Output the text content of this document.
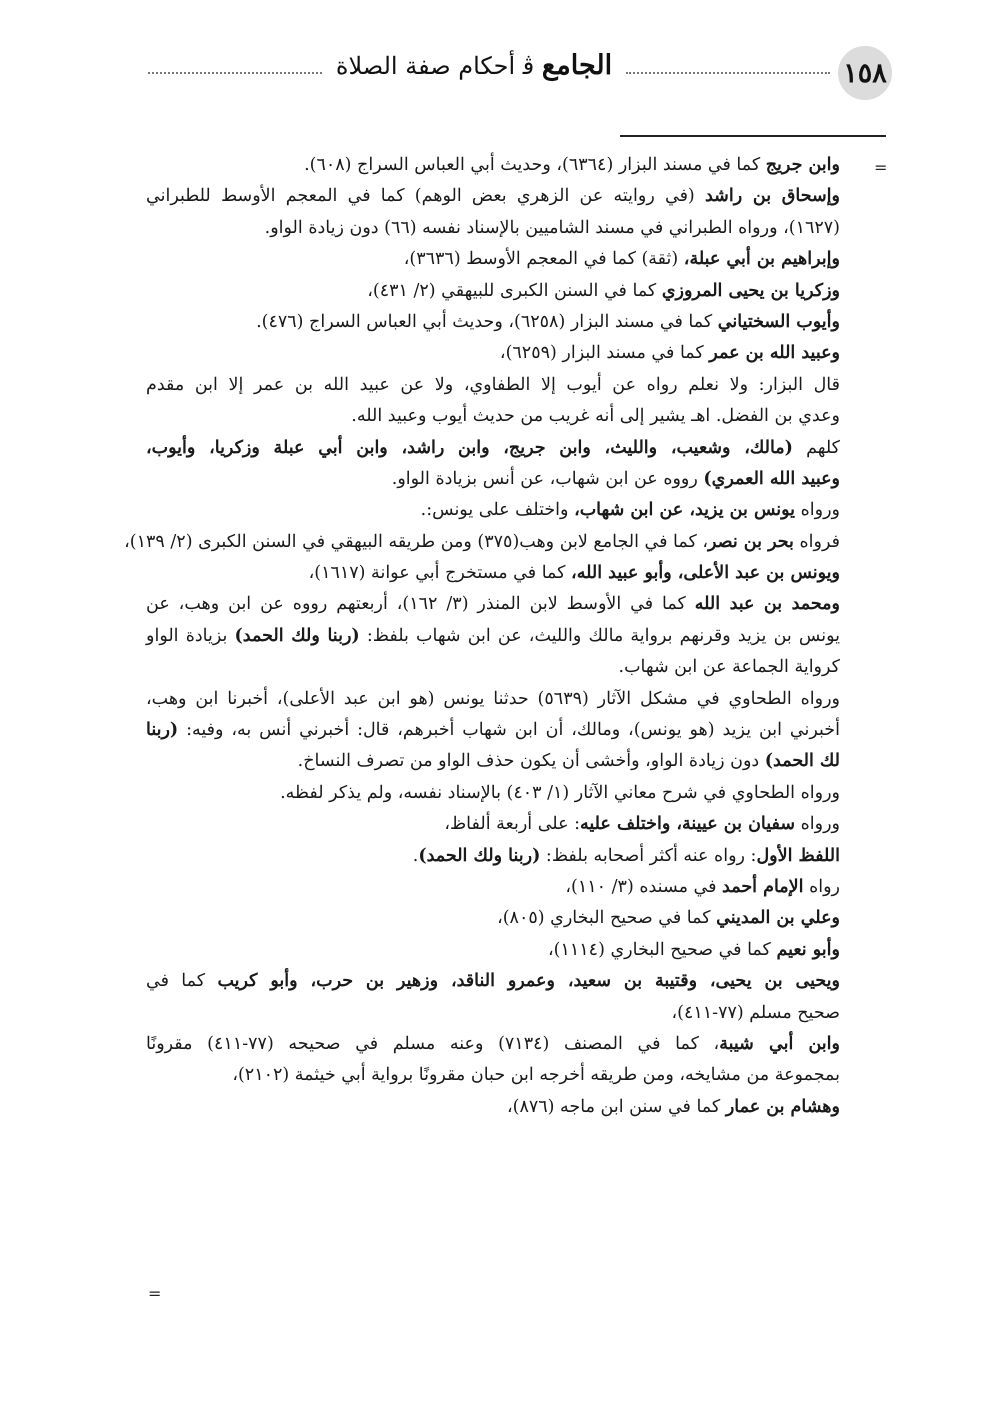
١٥٨
الجامع ﭬ أحكام صفة الصلاة
=
=
وابن جريج كما في مسند البزار (٦٣٦٤)، وحديث أبي العباس السراج (٦٠٨).
وإسحاق بن راشد (في روايته عن الزهري بعض الوهم) كما في المعجم الأوسط للطبراني
(١٦٢٧)، ورواه الطبراني في مسند الشاميين بالإسناد نفسه (٦٦) دون زيادة الواو.
وإبراهيم بن أبي عبلة، (ثقة) كما في المعجم الأوسط (٣٦٣٦)،
وزكريا بن يحيى المروزي كما في السنن الكبرى للبيهقي (٢/ ٤٣١)،
وأيوب السختياني كما في مسند البزار (٦٢٥٨)، وحديث أبي العباس السراج (٤٧٦).
وعبيد الله بن عمر كما في مسند البزار (٦٢٥٩)،
قال البزار: ولا نعلم رواه عن أيوب إلا الطفاوي، ولا عن عبيد الله بن عمر إلا ابن مقدم
وعدي بن الفضل. اهـ يشير إلى أنه غريب من حديث أيوب وعبيد الله.
كلهم (مالك، وشعيب، والليث، وابن جريج، وابن راشد، وابن أبي عبلة وزكريا، وأيوب،
وعبيد الله العمري) رووه عن ابن شهاب، عن أنس بزيادة الواو.
ورواه يونس بن يزيد، عن ابن شهاب، واختلف على يونس:.
فرواه بحر بن نصر، كما في الجامع لابن وهب(٣٧٥) ومن طريقه البيهقي في السنن الكبرى (٢/ ١٣٩)،
ويونس بن عبد الأعلى، وأبو عبيد الله، كما في مستخرج أبي عوانة (١٦١٧)،
ومحمد بن عبد الله كما في الأوسط لابن المنذر (٣/ ١٦٢)، أربعتهم رووه عن ابن وهب، عن
يونس بن يزيد وقرنهم برواية مالك والليث، عن ابن شهاب بلفظ: (ربنا ولك الحمد) بزيادة الواو
كرواية الجماعة عن ابن شهاب.
ورواه الطحاوي في مشكل الآثار (٥٦٣٩) حدثنا يونس (هو ابن عبد الأعلى)، أخبرنا ابن وهب،
أخبرني ابن يزيد (هو يونس)، ومالك، أن ابن شهاب أخبرهم، قال: أخبرني أنس به، وفيه: (ربنا
لك الحمد) دون زيادة الواو، وأخشى أن يكون حذف الواو من تصرف النساخ.
ورواه الطحاوي في شرح معاني الآثار (١/ ٤٠٣) بالإسناد نفسه، ولم يذكر لفظه.
ورواه سفيان بن عيينة، واختلف عليه: على أربعة ألفاظ،
اللفظ الأول: رواه عنه أكثر أصحابه بلفظ: (ربنا ولك الحمد).
رواه الإمام أحمد في مسنده (٣/ ١١٠)،
وعلي بن المديني كما في صحيح البخاري (٨٠٥)،
وأبو نعيم كما في صحيح البخاري (١١١٤)،
ويحيى بن يحيى، وقتيبة بن سعيد، وعمرو الناقد، وزهير بن حرب، وأبو كريب كما في
صحيح مسلم (٧٧-٤١١)،
وابن أبي شيبة، كما في المصنف (٧١٣٤) وعنه مسلم في صحيحه (٧٧-٤١١) مقرونًا
بمجموعة من مشايخه، ومن طريقه أخرجه ابن حبان مقرونًا برواية أبي خيثمة (٢١٠٢)،
وهشام بن عمار كما في سنن ابن ماجه (٨٧٦)،
